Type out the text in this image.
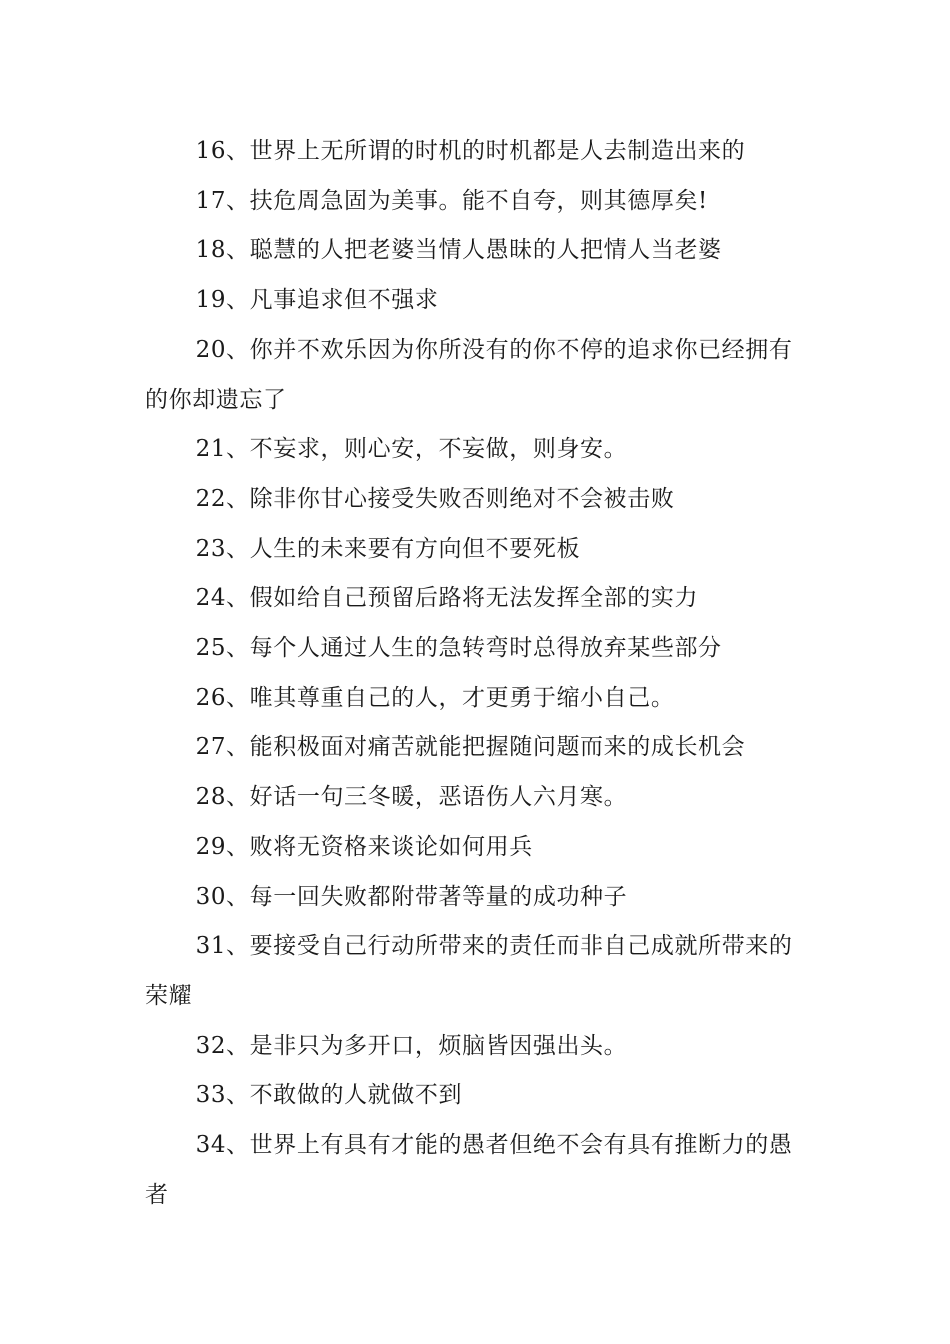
16、世界上无所谓的时机的时机都是人去制造出来的

17、扶危周急固为美事。能不自夸，则其德厚矣!

18、聪慧的人把老婆当情人愚昧的人把情人当老婆

19、凡事追求但不强求

20、你并不欢乐因为你所没有的你不停的追求你已经拥有的你却遗忘了

21、不妄求，则心安，不妄做，则身安。

22、除非你甘心接受失败否则绝对不会被击败

23、人生的未来要有方向但不要死板

24、假如给自己预留后路将无法发挥全部的实力

25、每个人通过人生的急转弯时总得放弃某些部分

26、唯其尊重自己的人，才更勇于缩小自己。

27、能积极面对痛苦就能把握随问题而来的成长机会

28、好话一句三冬暖，恶语伤人六月寒。

29、败将无资格来谈论如何用兵

30、每一回失败都附带著等量的成功种子

31、要接受自己行动所带来的责任而非自己成就所带来的荣耀

32、是非只为多开口，烦脑皆因强出头。

33、不敢做的人就做不到

34、世界上有具有才能的愚者但绝不会有具有推断力的愚者
